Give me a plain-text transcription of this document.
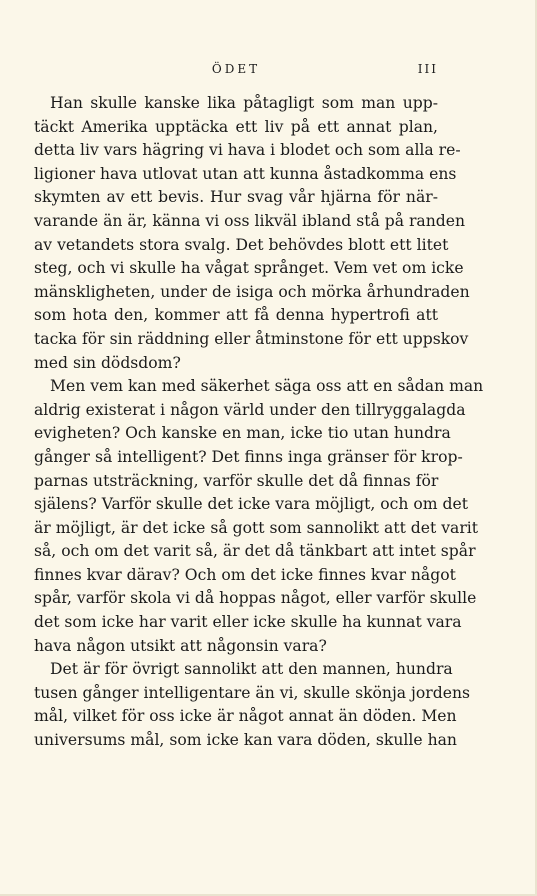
ÖDET	III
Han skulle kanske lika påtagligt som man upp-
täckt Amerika upptäcka ett liv på ett annat plan,
detta liv vars hägring vi hava i blodet och som alla re-
ligioner hava utlovat utan att kunna åstadkomma ens
skymten av ett bevis. Hur svag vår hjärna för när-
varande än är, känna vi oss likväl ibland stå på randen
av vetandets stora svalg. Det behövdes blott ett litet
steg, och vi skulle ha vågat språnget. Vem vet om icke
mänskligheten, under de isiga och mörka århundraden
som hota den, kommer att få denna hypertrofi att
tacka för sin räddning eller åtminstone för ett uppskov
med sin dödsdom?
Men vem kan med säkerhet säga oss att en sådan man
aldrig existerat i någon värld under den tillryggalagda
evigheten? Och kanske en man, icke tio utan hundra
gånger så intelligent? Det finns inga gränser för krop-
parnas utsträckning, varför skulle det då finnas för
själens? Varför skulle det icke vara möjligt, och om det
är möjligt, är det icke så gott som sannolikt att det varit
så, och om det varit så, är det då tänkbart att intet spår
finnes kvar därav? Och om det icke finnes kvar något
spår, varför skola vi då hoppas något, eller varför skulle
det som icke har varit eller icke skulle ha kunnat vara
hava någon utsikt att någonsin vara?
Det är för övrigt sannolikt att den mannen, hundra
tusen gånger intelligentare än vi, skulle skönja jordens
mål, vilket för oss icke är något annat än döden. Men
universums mål, som icke kan vara döden, skulle han
